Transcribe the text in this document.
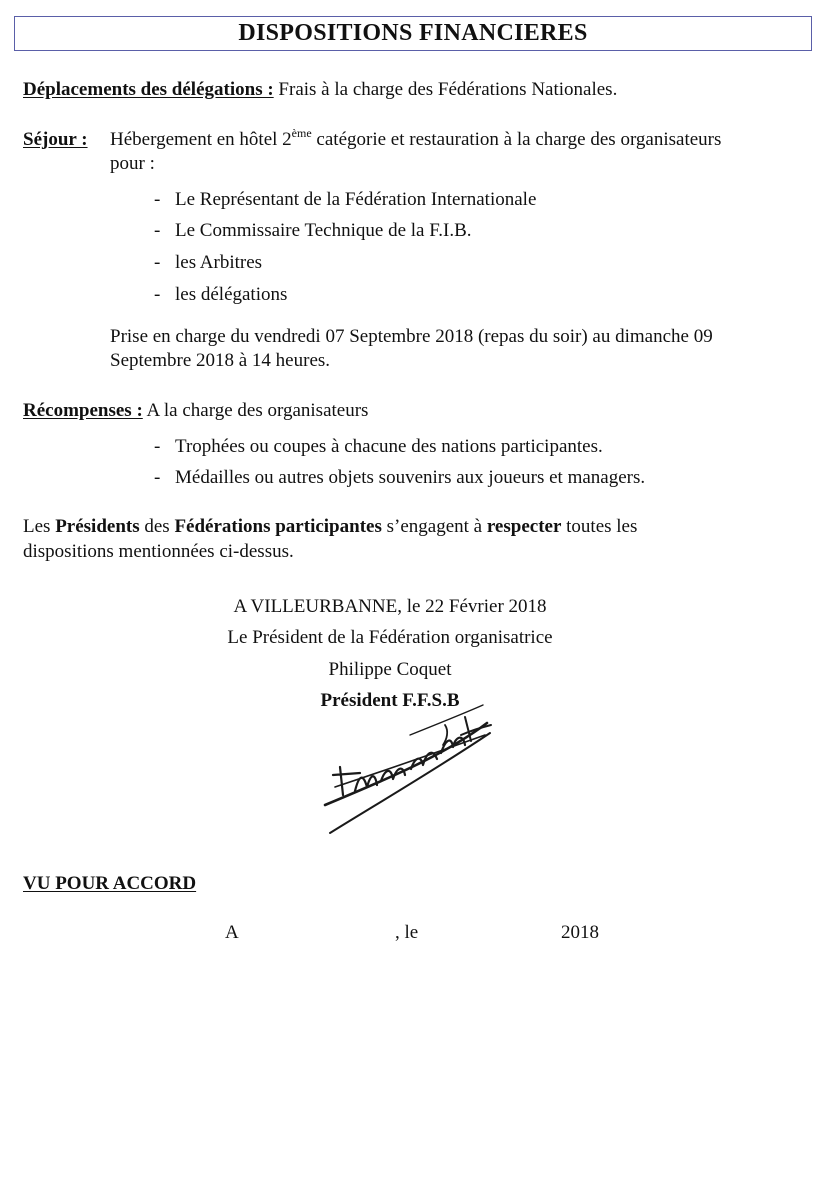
DISPOSITIONS FINANCIERES
Déplacements des délégations : Frais à la charge des Fédérations Nationales.
Séjour : Hébergement en hôtel 2ème catégorie et restauration à la charge des organisateurs
pour :
- Le Représentant de la Fédération Internationale
- Le Commissaire Technique de la F.I.B.
- les Arbitres
- les délégations
Prise en charge du vendredi 07 Septembre 2018 (repas du soir) au dimanche 09
Septembre 2018 à 14 heures.
Récompenses : A la charge des organisateurs
- Trophées ou coupes à chacune des nations participantes.
- Médailles ou autres objets souvenirs aux joueurs et managers.
Les Présidents des Fédérations participantes s’engagent à respecter toutes les
dispositions mentionnées ci-dessus.
A VILLEURBANNE, le 22 Février 2018
Le Président de la Fédération organisatrice
Philippe Coquet
Président F.F.S.B
VU POUR ACCORD
A	, le	2018
